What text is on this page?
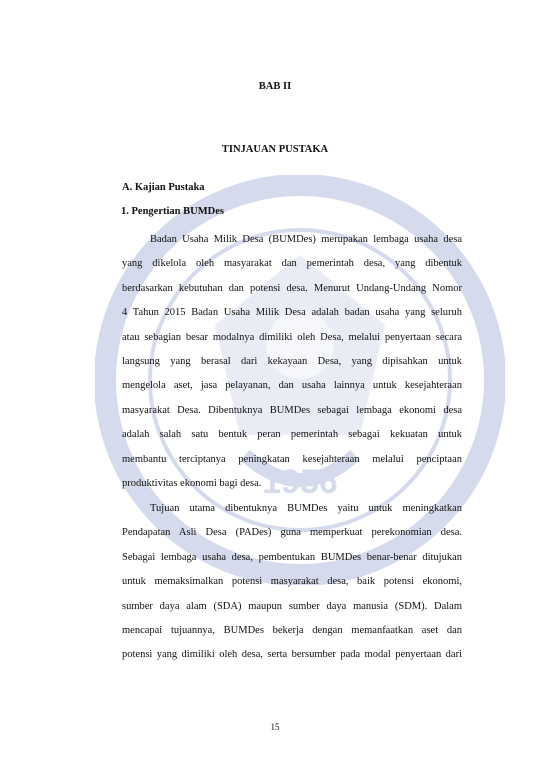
1956
BAB II
TINJAUAN PUSTAKA
A. Kajian Pustaka
1. Pengertian BUMDes
Badan Usaha Milik Desa (BUMDes) merupakan lembaga usaha desa
yang dikelola oleh masyarakat dan pemerintah desa, yang dibentuk
berdasarkan kebutuhan dan potensi desa. Menurut Undang-Undang Nomor
4 Tahun 2015 Badan Usaha Milik Desa adalah badan usaha yang seluruh
atau sebagian besar modalnya dimiliki oleh Desa, melalui penyertaan secara
langsung yang berasal dari kekayaan Desa, yang dipisahkan untuk
mengelola aset, jasa pelayanan, dan usaha lainnya untuk kesejahteraan
masyarakat Desa. Dibentuknya BUMDes sebagai lembaga ekonomi desa
adalah salah satu bentuk peran pemerintah sebagai kekuatan untuk
membantu terciptanya peningkatan kesejahteraan melalui penciptaan
produktivitas ekonomi bagi desa.
Tujuan utama dibentuknya BUMDes yaitu untuk meningkatkan
Pendapatan Asli Desa (PADes) guna memperkuat perekonomian desa.
Sebagai lembaga usaha desa, pembentukan BUMDes benar-benar ditujukan
untuk memaksimalkan potensi masyarakat desa, baik potensi ekonomi,
sumber daya alam (SDA) maupun sumber daya manusia (SDM). Dalam
mencapai tujuannya, BUMDes bekerja dengan memanfaatkan aset dan
potensi yang dimiliki oleh desa, serta bersumber pada modal penyertaan dari
15
